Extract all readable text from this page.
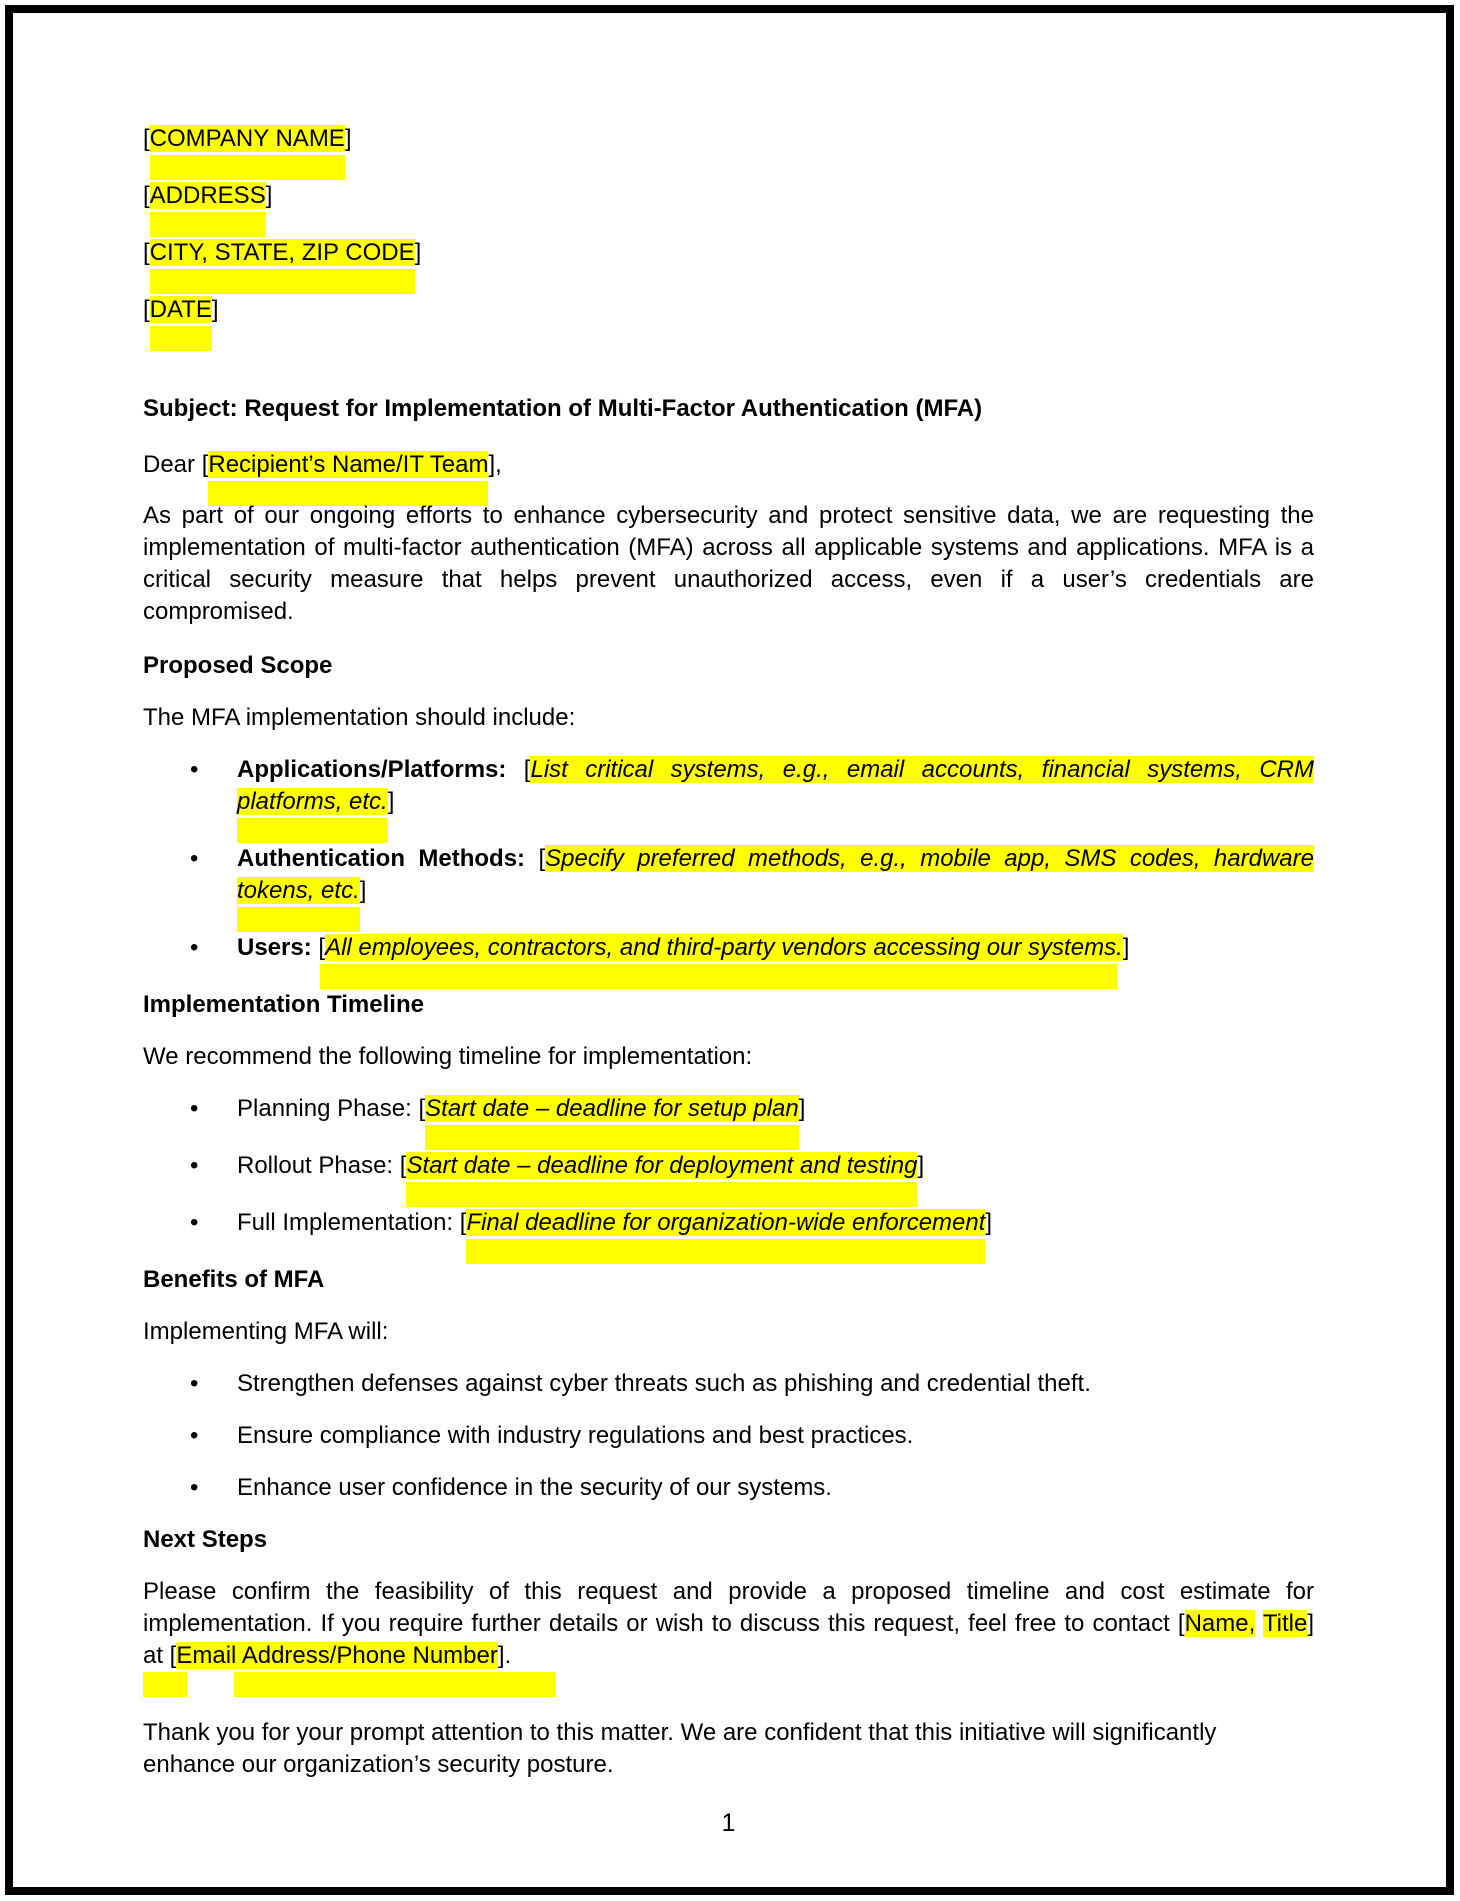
[COMPANY NAME]
[ADDRESS]
[CITY, STATE, ZIP CODE]
[DATE]

Subject: Request for Implementation of Multi-Factor Authentication (MFA)

Dear [Recipient’s Name/IT Team],

As part of our ongoing efforts to enhance cybersecurity and protect sensitive data, we are requesting the implementation of multi-factor authentication (MFA) across all applicable systems and applications. MFA is a critical security measure that helps prevent unauthorized access, even if a user’s credentials are compromised.

Proposed Scope

The MFA implementation should include:

• Applications/Platforms: [List critical systems, e.g., email accounts, financial systems, CRM platforms, etc.]
• Authentication Methods: [Specify preferred methods, e.g., mobile app, SMS codes, hardware tokens, etc.]
• Users: [All employees, contractors, and third-party vendors accessing our systems.]

Implementation Timeline

We recommend the following timeline for implementation:

• Planning Phase: [Start date – deadline for setup plan]
• Rollout Phase: [Start date – deadline for deployment and testing]
• Full Implementation: [Final deadline for organization-wide enforcement]

Benefits of MFA

Implementing MFA will:

• Strengthen defenses against cyber threats such as phishing and credential theft.
• Ensure compliance with industry regulations and best practices.
• Enhance user confidence in the security of our systems.

Next Steps

Please confirm the feasibility of this request and provide a proposed timeline and cost estimate for implementation. If you require further details or wish to discuss this request, feel free to contact [Name, Title] at [Email Address/Phone Number].

Thank you for your prompt attention to this matter. We are confident that this initiative will significantly enhance our organization’s security posture.

1
